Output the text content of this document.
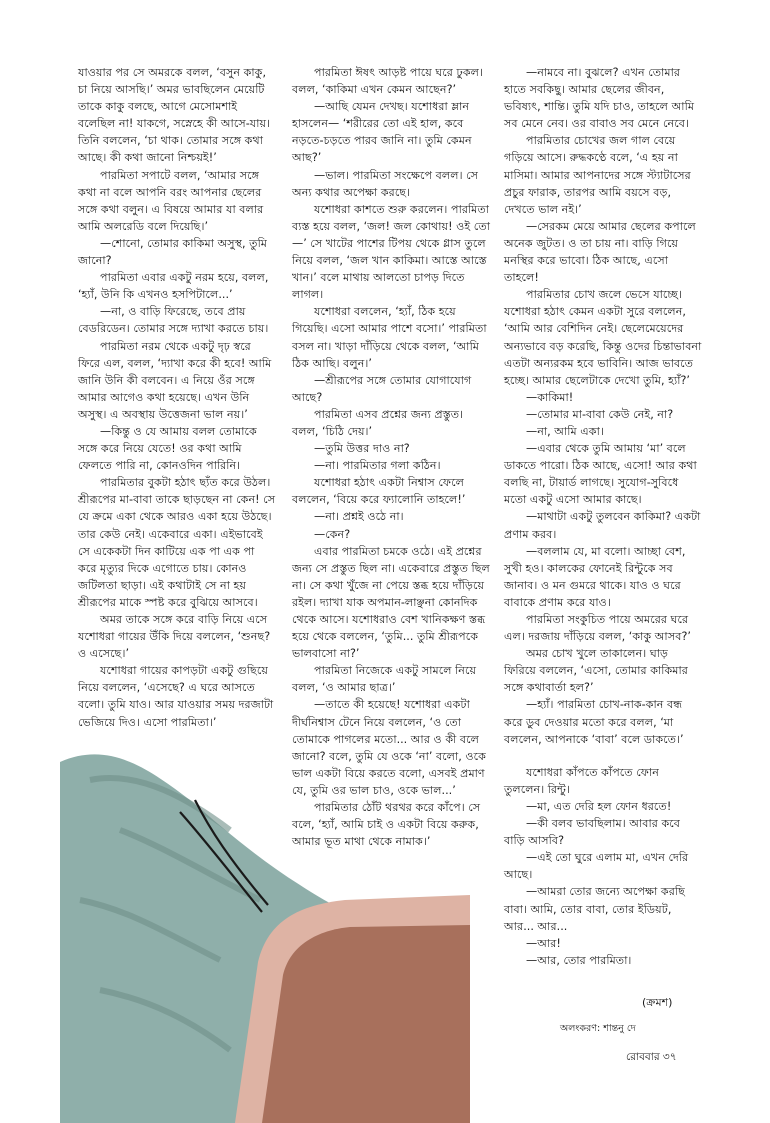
যাওয়ার পর সে অমরকে বলল, ‘বসুন কাকু, চা নিয়ে আসছি।’ অমর ভাবছিলেন মেয়েটি তাকে কাকু বলছে, আগে মেসোমশাই বলেছিল না! যাকগে, সস্নেহে কী আসে-যায়। তিনি বললেন, ‘চা থাক। তোমার সঙ্গে কথা আছে। কী কথা জানো নিশ্চয়ই!’

পারমিতা সপাটে বলল, ‘আমার সঙ্গে কথা না বলে আপনি বরং আপনার ছেলের সঙ্গে কথা বলুন। এ বিষয়ে আমার যা বলার আমি অলরেডি বলে দিয়েছি।’

—শোনো, তোমার কাকিমা অসুস্থ, তুমি জানো?

পারমিতা এবার একটু নরম হয়ে, বলল, ‘হ্যাঁ, উনি কি এখনও হসপিটালে...’

—না, ও বাড়ি ফিরেছে, তবে প্রায় বেডরিডেন। তোমার সঙ্গে দ্যাখা করতে চায়।

পারমিতা নরম থেকে একটু দৃঢ় স্বরে ফিরে এল, বলল, ‘দ্যাখা করে কী হবে! আমি জানি উনি কী বলবেন। এ নিয়ে ওঁর সঙ্গে আমার আগেও কথা হয়েছে। এখন উনি অসুস্থ। এ অবস্থায় উত্তেজনা ভাল নয়।’

—কিন্তু ও যে আমায় বলল তোমাকে সঙ্গে করে নিয়ে যেতে! ওর কথা আমি ফেলতে পারি না, কোনওদিন পারিনি।

পারমিতার বুকটা হঠাৎ ছ্যঁত করে উঠল। শ্রীরূপের মা-বাবা তাকে ছাড়ছেন না কেন! সে যে ক্রমে একা থেকে আরও একা হয়ে উঠছে। তার কেউ নেই। একেবারে একা। এইভাবেই সে একেকটা দিন কাটিয়ে এক পা এক পা করে মৃত্যুর দিকে এগোতে চায়। কোনও জটিলতা ছাড়া। এই কথাটাই সে না হয় শ্রীরূপের মাকে স্পষ্ট করে বুঝিয়ে আসবে।

অমর তাকে সঙ্গে করে বাড়ি নিয়ে এসে যশোধরা গায়ের উঁকি দিয়ে বললেন, ‘শুনছ? ও এসেছে।’

যশোধরা গায়ের কাপড়টা একটু গুছিয়ে নিয়ে বললেন, ‘এসেছে? এ ঘরে আসতে বলো। তুমি যাও। আর যাওয়ার সময় দরজাটা ভেজিয়ে দিও। এসো পারমিতা।’

পারমিতা ঈষৎ আড়ষ্ট পায়ে ঘরে ঢুকল। বলল, ‘কাকিমা এখন কেমন আছেন?’

—আছি যেমন দেখছ। যশোধরা ম্লান হাসলেন— ‘শরীরের তো এই হাল, কবে নড়তে-চড়তে পারব জানি না। তুমি কেমন আছ?’

—ভাল। পারমিতা সংক্ষেপে বলল। সে অন্য কথার অপেক্ষা করছে।

যশোধরা কাশতে শুরু করলেন। পারমিতা ব্যস্ত হয়ে বলল, ‘জল! জল কোথায়! ওই তো—’ সে খাটের পাশের টিপয় থেকে গ্লাস তুলে নিয়ে বলল, ‘জল খান কাকিমা। আস্তে আস্তে খান।’ বলে মাথায় আলতো চাপড় দিতে লাগল।

যশোধরা বললেন, ‘হ্যাঁ, ঠিক হয়ে গিয়েছি। এসো আমার পাশে বসো।’ পারমিতা বসল না। খাড়া দাঁড়িয়ে থেকে বলল, ‘আমি ঠিক আছি। বলুন।’

—শ্রীরূপের সঙ্গে তোমার যোগাযোগ আছে?

পারমিতা এসব প্রশ্নের জন্য প্রস্তুত। বলল, ‘চিঠি দেয়।’

—তুমি উত্তর দাও না?

—না। পারমিতার গলা কঠিন।

যশোধরা হঠাৎ একটা নিশ্বাস ফেলে বললেন, ‘বিয়ে করে ফ্যালোনি তাহলে!’

—না। প্রশ্নই ওঠে না।

—কেন?

এবার পারমিতা চমকে ওঠে। এই প্রশ্নের জন্য সে প্রস্তুত ছিল না। একেবারে প্রস্তুত ছিল না। সে কথা খুঁজে না পেয়ে স্তব্ধ হয়ে দাঁড়িয়ে রইল। দ্যাখা যাক অপমান-লাঞ্ছনা কোনদিক থেকে আসে। যশোধরাও বেশ খানিকক্ষণ স্তব্ধ হয়ে থেকে বললেন, ‘তুমি... তুমি শ্রীরূপকে ভালবাসো না?’

পারমিতা নিজেকে একটু সামলে নিয়ে বলল, ‘ও আমার ছাত্র।’

—তাতে কী হয়েছে! যশোধরা একটা দীর্ঘনিশ্বাস টেনে নিয়ে বললেন, ‘ও তো তোমাকে পাগলের মতো... আর ও কী বলে জানো? বলে, তুমি যে ওকে ‘না’ বলো, ওকে ভাল একটা বিয়ে করতে বলো, এসবই প্রমাণ যে, তুমি ওর ভাল চাও, ওকে ভাল...’

পারমিতার ঠোঁট থরথর করে কাঁপে। সে বলে, ‘হ্যাঁ, আমি চাই ও একটা বিয়ে করুক, আমার ভূত মাথা থেকে নামাক।’

—নামবে না। বুঝলে? এখন তোমার হাতে সবকিছু। আমার ছেলের জীবন, ভবিষ্যৎ, শান্তি। তুমি যদি চাও, তাহলে আমি সব মেনে নেব। ওর বাবাও সব মেনে নেবে।

পারমিতার চোখের জল গাল বেয়ে গড়িয়ে আসে। রুদ্ধকণ্ঠে বলে, ‘এ হয় না মাসিমা। আমার আপনাদের সঙ্গে স্ট্যাটাসের প্রচুর ফারাক, তারপর আমি বয়সে বড়, দেখতে ভাল নই।’

—সেরকম মেয়ে আমার ছেলের কপালে অনেক জুটত। ও তা চায় না। বাড়ি গিয়ে মনস্থির করে ভাবো। ঠিক আছে, এসো তাহলে!

পারমিতার চোখ জলে ভেসে যাচ্ছে। যশোধরা হঠাৎ কেমন একটা সুরে বললেন, ‘আমি আর বেশিদিন নেই। ছেলেমেয়েদের অন্যভাবে বড় করেছি, কিন্তু ওদের চিন্তাভাবনা এতটা অন্যরকম হবে ভাবিনি। আজ ভাবতে হচ্ছে। আমার ছেলেটাকে দেখো তুমি, হ্যাঁ?’

—কাকিমা!

—তোমার মা-বাবা কেউ নেই, না?

—না, আমি একা।

—এবার থেকে তুমি আমায় ‘মা’ বলে ডাকতে পারো। ঠিক আছে, এসো! আর কথা বলছি না, টায়ার্ড লাগছে। সুযোগ-সুবিধে মতো একটু এসো আমার কাছে।

—মাথাটা একটু তুলবেন কাকিমা? একটা প্রণাম করব।

—বললাম যে, মা বলো। আচ্ছা বেশ, সুখী হও। কালকের ফোনেই রিন্টুকে সব জানাব। ও মন গুমরে থাকে। যাও ও ঘরে বাবাকে প্রণাম করে যাও।

পারমিতা সংকুচিত পায়ে অমরের ঘরে এল। দরজায় দাঁড়িয়ে বলল, ‘কাকু আসব?’

অমর চোখ খুলে তাকালেন। ঘাড় ফিরিয়ে বললেন, ‘এসো, তোমার কাকিমার সঙ্গে কথাবার্তা হল?’

—হ্যাঁ। পারমিতা চোখ-নাক-কান বন্ধ করে ডুব দেওয়ার মতো করে বলল, ‘মা বললেন, আপনাকে ‘বাবা’ বলে ডাকতে।’

যশোধরা কাঁপতে কাঁপতে ফোন তুললেন। রিন্টু।

—মা, এত দেরি হল ফোন ধরতে!

—কী বলব ভাবছিলাম। আবার কবে বাড়ি আসবি?

—এই তো ঘুরে এলাম মা, এখন দেরি আছে।

—আমরা তোর জন্যে অপেক্ষা করছি বাবা। আমি, তোর বাবা, তোর ইডিয়ট, আর... আর...

—আর!

—আর, তোর পারমিতা।

(ক্রমশ)
অলংকরণ: শান্তনু দে
রোববার ৩৭
